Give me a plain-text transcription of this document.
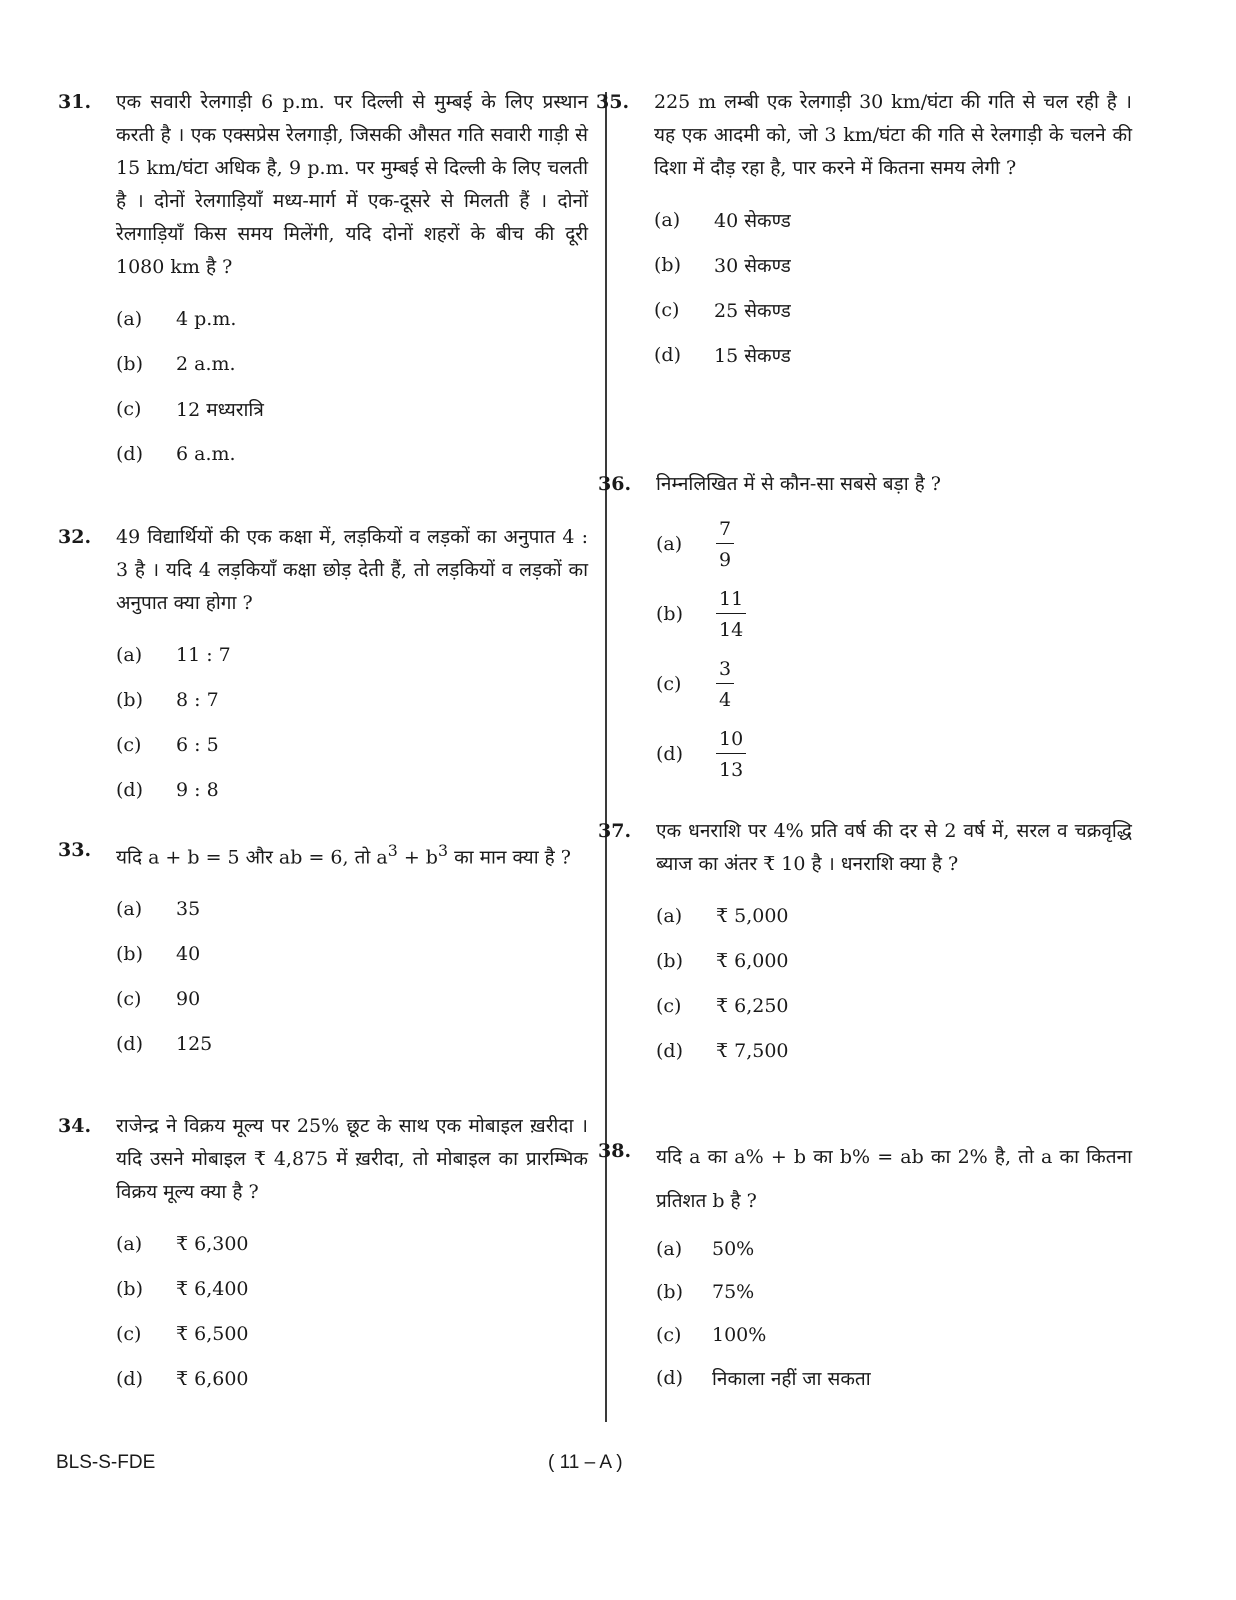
31. एक सवारी रेलगाड़ी 6 p.m. पर दिल्ली से मुम्बई के लिए प्रस्थान करती है । एक एक्सप्रेस रेलगाड़ी, जिसकी औसत गति सवारी गाड़ी से 15 km/घंटा अधिक है, 9 p.m. पर मुम्बई से दिल्ली के लिए चलती है । दोनों रेलगाड़ियाँ मध्य-मार्ग में एक-दूसरे से मिलती हैं । दोनों रेलगाड़ियाँ किस समय मिलेंगी, यदि दोनों शहरों के बीच की दूरी 1080 km है ?
(a)	4 p.m.
(b)	2 a.m.
(c)	12 मध्यरात्रि
(d)	6 a.m.
32. 49 विद्यार्थियों की एक कक्षा में, लड़कियों व लड़कों का अनुपात 4 : 3 है । यदि 4 लड़कियाँ कक्षा छोड़ देती हैं, तो लड़कियों व लड़कों का अनुपात क्या होगा ?
(a)	11 : 7
(b)	8 : 7
(c)	6 : 5
(d)	9 : 8
33. यदि a + b = 5 और ab = 6, तो $a^3 + b^3$ का मान क्या है ?
(a)	35
(b)	40
(c)	90
(d)	125
34. राजेन्द्र ने विक्रय मूल्य पर 25% छूट के साथ एक मोबाइल ख़रीदा । यदि उसने मोबाइल ₹ 4,875 में ख़रीदा, तो मोबाइल का प्रारम्भिक विक्रय मूल्य क्या है ?
(a)	₹ 6,300
(b)	₹ 6,400
(c)	₹ 6,500
(d)	₹ 6,600
35. 225 m लम्बी एक रेलगाड़ी 30 km/घंटा की गति से चल रही है । यह एक आदमी को, जो 3 km/घंटा की गति से रेलगाड़ी के चलने की दिशा में दौड़ रहा है, पार करने में कितना समय लेगी ?
(a)	40 सेकण्ड
(b)	30 सेकण्ड
(c)	25 सेकण्ड
(d)	15 सेकण्ड
36. निम्नलिखित में से कौन-सा सबसे बड़ा है ?
(a)	$\frac{7}{9}$
(b)	$\frac{11}{14}$
(c)	$\frac{3}{4}$
(d)	$\frac{10}{13}$
37. एक धनराशि पर 4% प्रति वर्ष की दर से 2 वर्ष में, सरल व चक्रवृद्धि ब्याज का अंतर ₹ 10 है । धनराशि क्या है ?
(a)	₹ 5,000
(b)	₹ 6,000
(c)	₹ 6,250
(d)	₹ 7,500
38. यदि a का a% + b का b% = ab का 2% है, तो a का कितना प्रतिशत b है ?
(a)	50%
(b)	75%
(c)	100%
(d)	निकाला नहीं जा सकता
BLS-S-FDE	( 11 – A )
